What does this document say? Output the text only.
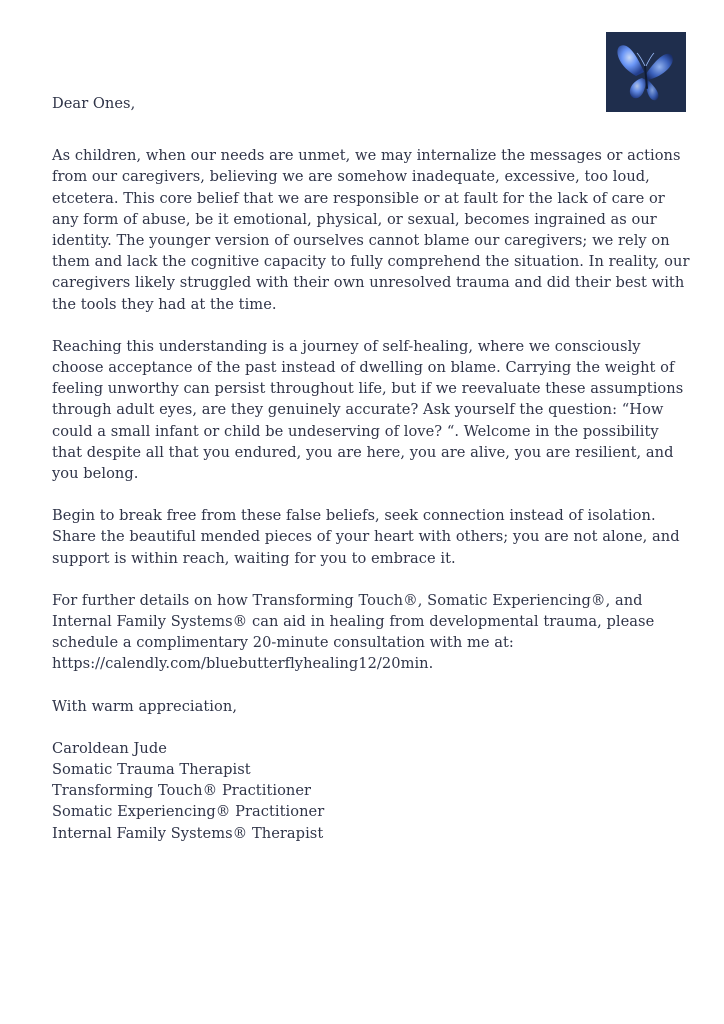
Dear Ones,

As children, when our needs are unmet, we may internalize the messages or actions from our caregivers, believing we are somehow inadequate, excessive, too loud, etcetera. This core belief that we are responsible or at fault for the lack of care or any form of abuse, be it emotional, physical, or sexual, becomes ingrained as our identity. The younger version of ourselves cannot blame our caregivers; we rely on them and lack the cognitive capacity to fully comprehend the situation. In reality, our caregivers likely struggled with their own unresolved trauma and did their best with the tools they had at the time.

Reaching this understanding is a journey of self-healing, where we consciously choose acceptance of the past instead of dwelling on blame. Carrying the weight of feeling unworthy can persist throughout life, but if we reevaluate these assumptions through adult eyes, are they genuinely accurate? Ask yourself the question: “How could a small infant or child be undeserving of love? “. Welcome in the possibility that despite all that you endured, you are here, you are alive, you are resilient, and you belong.

Begin to break free from these false beliefs, seek connection instead of isolation. Share the beautiful mended pieces of your heart with others; you are not alone, and support is within reach, waiting for you to embrace it.

For further details on how Transforming Touch®, Somatic Experiencing®, and Internal Family Systems® can aid in healing from developmental trauma, please schedule a complimentary 20-minute consultation with me at: https://calendly.com/bluebutterflyhealing12/20min.

With warm appreciation,

Caroldean Jude
Somatic Trauma Therapist
Transforming Touch® Practitioner
Somatic Experiencing® Practitioner
Internal Family Systems® Therapist
